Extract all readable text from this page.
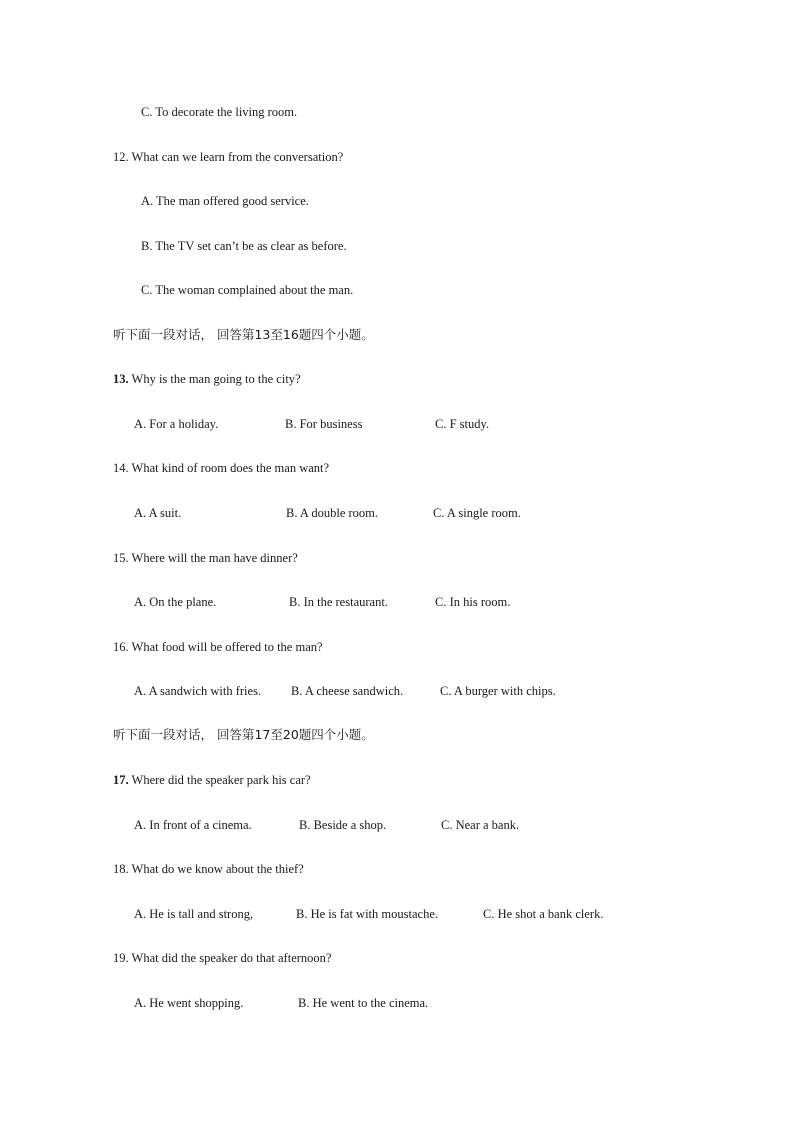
C. To decorate the living room.
12. What can we learn from the conversation?
A. The man offered good service.
B. The TV set can’t be as clear as before.
C. The woman complained about the man.
听下面一段对话， 回答第13至16题四个小题。
13. Why is the man going to the city?
A. For a holiday.	B. For business	C. F study.
14. What kind of room does the man want?
A. A suit.	B. A double room.	C. A single room.
15. Where will the man have dinner?
A. On the plane.	B. In the restaurant.	C. In his room.
16. What food will be offered to the man?
A. A sandwich with fries. B. A cheese sandwich.	C. A burger with chips.
听下面一段对话， 回答第17至20题四个小题。
17. Where did the speaker park his car?
A. In front of a cinema.	B. Beside a shop.	C. Near a bank.
18. What do we know about the thief?
A. He is tall and strong,	B. He is fat with moustache.	C. He shot a bank clerk.
19. What did the speaker do that afternoon?
A. He went shopping.	B. He went to the cinema.
